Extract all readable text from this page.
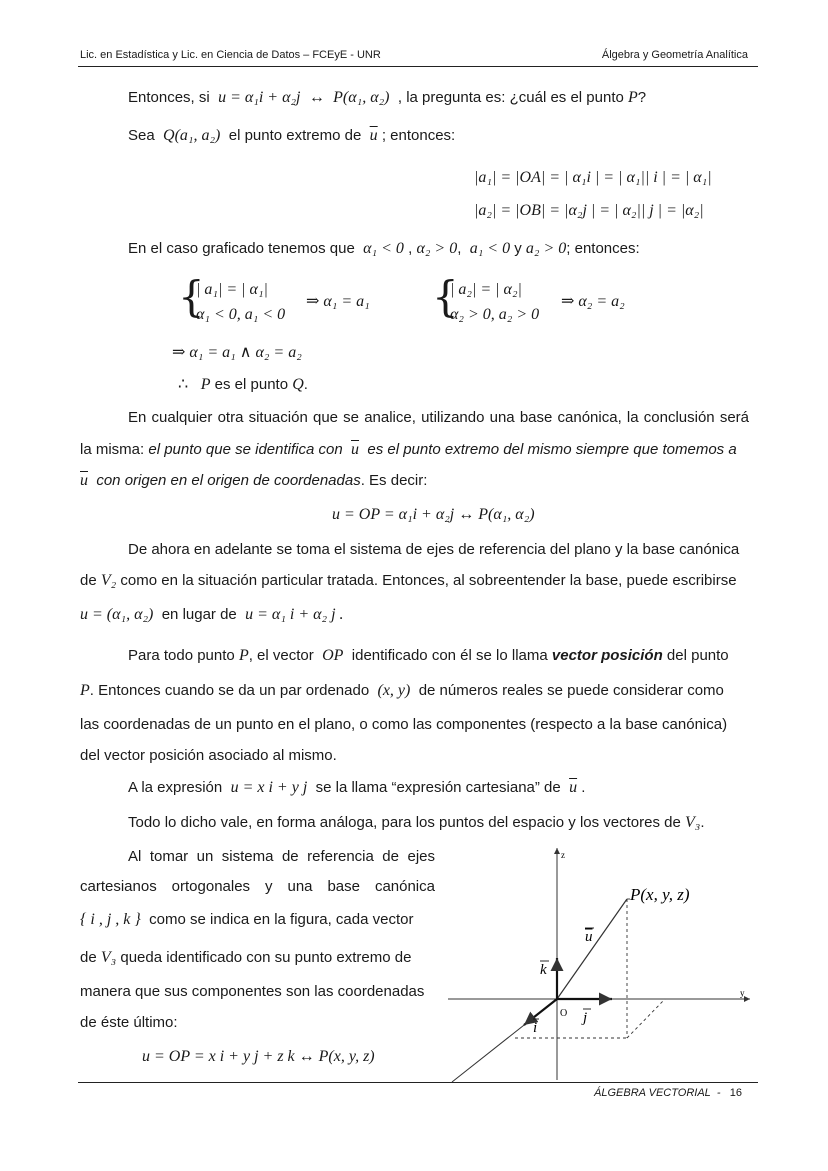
Lic. en Estadística y Lic. en Ciencia de Datos – FCEyE - UNR	Álgebra y Geometría Analítica
Entonces, si u = α₁i + α₂j ↔ P(α₁, α₂) , la pregunta es: ¿cuál es el punto P?
Sea Q(a₁, a₂) el punto extremo de $\overline{u}$ ; entonces:
|a₁| = |OA| = | α₁i | = | α₁|| i | = | α₁|
|a₂| = |OB| = |α₂j | = | α₂|| j | = |α₂|
En el caso graficado tenemos que α₁ < 0 , α₂ > 0,  a₁ < 0 y a₂ > 0; entonces:
{
| a₁| = | α₁|
α₁ < 0, a₁ < 0
⇒ α₁ = a₁ {
| a₂| = | α₂|
α₂ > 0, a₂ > 0
⇒ α₂ = a₂
⇒ α₁ = a₁ ∧ α₂ = a₂
∴ P es el punto Q.
En cualquier otra situación que se analice, utilizando una base canónica, la conclusión será
la misma: el punto que se identifica con $\overline{u}$ es el punto extremo del mismo siempre que tomemos a
$\overline{u}$ con origen en el origen de coordenadas. Es decir:
u = OP = α₁i + α₂j ↔ P(α₁, α₂)
De ahora en adelante se toma el sistema de ejes de referencia del plano y la base canónica
de V₂ como en la situación particular tratada. Entonces, al sobreentender la base, puede escribirse
u = (α₁, α₂) en lugar de u = α₁ i + α₂ j .
Para todo punto P, el vector OP identificado con él se lo llama vector posición del punto
P. Entonces cuando se da un par ordenado (x, y) de números reales se puede considerar como
las coordenadas de un punto en el plano, o como las componentes (respecto a la base canónica)
del vector posición asociado al mismo.
A la expresión u = x i + y j se la llama “expresión cartesiana” de $\overline{u}$ .
Todo lo dicho vale, en forma análoga, para los puntos del espacio y los vectores de V₃.
Al tomar un sistema de referencia de ejes
cartesianos ortogonales y una base canónica
{ i , j , k } como se indica en la figura, cada vector
de V₃ queda identificado con su punto extremo de
manera que sus componentes son las coordenadas
de éste último:
u = OP = x i + y j + z k ↔ P(x, y, z)
z
y
O
P(x, y, z)
u
k
j
i
ÁLGEBRA VECTORIAL - 16
